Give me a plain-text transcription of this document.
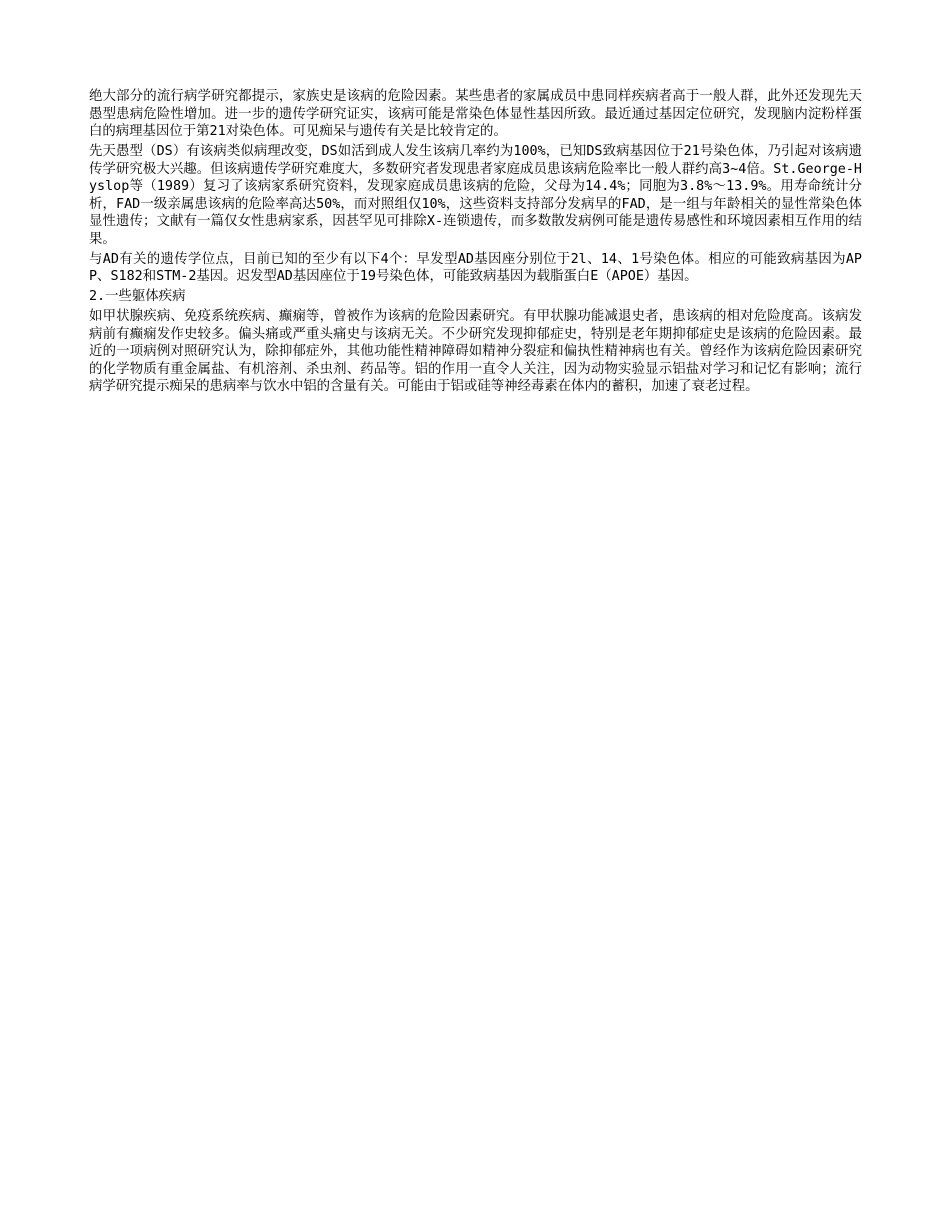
绝大部分的流行病学研究都提示，家族史是该病的危险因素。某些患者的家属成员中患同样疾病者高于一般人群，此外还发现先天愚型患病危险性增加。进一步的遗传学研究证实，该病可能是常染色体显性基因所致。最近通过基因定位研究，发现脑内淀粉样蛋白的病理基因位于第21对染色体。可见痴呆与遗传有关是比较肯定的。

先天愚型（DS）有该病类似病理改变，DS如活到成人发生该病几率约为100%，已知DS致病基因位于21号染色体，乃引起对该病遗传学研究极大兴趣。但该病遗传学研究难度大，多数研究者发现患者家庭成员患该病危险率比一般人群约高3~4倍。St.George-Hyslop等（1989）复习了该病家系研究资料，发现家庭成员患该病的危险，父母为14.4%；同胞为3.8%～13.9%。用寿命统计分析，FAD一级亲属患该病的危险率高达50%，而对照组仅10%，这些资料支持部分发病早的FAD，是一组与年龄相关的显性常染色体显性遗传；文献有一篇仅女性患病家系，因甚罕见可排除X-连锁遗传，而多数散发病例可能是遗传易感性和环境因素相互作用的结果。

与AD有关的遗传学位点，目前已知的至少有以下4个：早发型AD基因座分别位于2l、14、1号染色体。相应的可能致病基因为APP、S182和STM-2基因。迟发型AD基因座位于19号染色体，可能致病基因为载脂蛋白E（APOE）基因。

2.一些躯体疾病

如甲状腺疾病、免疫系统疾病、癫痫等，曾被作为该病的危险因素研究。有甲状腺功能减退史者，患该病的相对危险度高。该病发病前有癫痫发作史较多。偏头痛或严重头痛史与该病无关。不少研究发现抑郁症史，特别是老年期抑郁症史是该病的危险因素。最近的一项病例对照研究认为，除抑郁症外，其他功能性精神障碍如精神分裂症和偏执性精神病也有关。曾经作为该病危险因素研究的化学物质有重金属盐、有机溶剂、杀虫剂、药品等。铝的作用一直令人关注，因为动物实验显示铝盐对学习和记忆有影响；流行病学研究提示痴呆的患病率与饮水中铝的含量有关。可能由于铝或硅等神经毒素在体内的蓄积，加速了衰老过程。
